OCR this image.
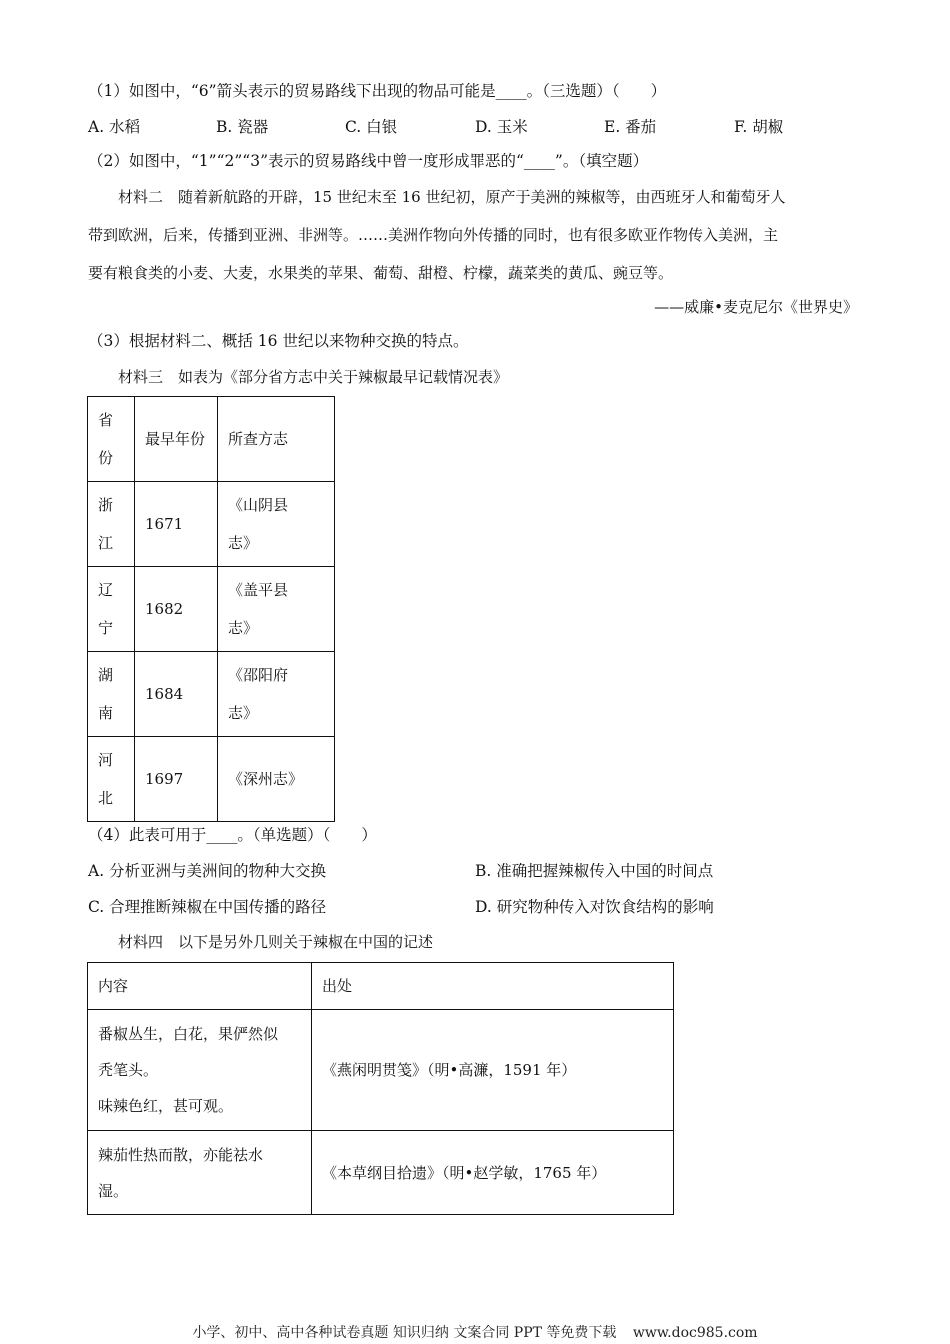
（1）如图中，“6”箭头表示的贸易路线下出现的物品可能是____。（三选题）（　　）
A. 水稻	B. 瓷器	C. 白银	D. 玉米	E. 番茄	F. 胡椒
（2）如图中，“1”“2”“3”表示的贸易路线中曾一度形成罪恶的“____”。（填空题）
材料二　随着新航路的开辟，15 世纪末至 16 世纪初，原产于美洲的辣椒等，由西班牙人和葡萄牙人
带到欧洲，后来，传播到亚洲、非洲等。……美洲作物向外传播的同时，也有很多欧亚作物传入美洲，主
要有粮食类的小麦、大麦，水果类的苹果、葡萄、甜橙、柠檬，蔬菜类的黄瓜、豌豆等。
——威廉•麦克尼尔《世界史》
（3）根据材料二、概括 16 世纪以来物种交换的特点。
材料三　如表为《部分省方志中关于辣椒最早记载情况表》
省份	最早年份	所查方志

浙江	1671	《山阴县志》

辽宁	1682	《盖平县志》

湖南	1684	《邵阳府志》

河北	1697	《深州志》
（4）此表可用于____。（单选题）（　　）
A. 分析亚洲与美洲间的物种大交换	B. 准确把握辣椒传入中国的时间点
C. 合理推断辣椒在中国传播的路径	D. 研究物种传入对饮食结构的影响
材料四　以下是另外几则关于辣椒在中国的记述
内容	出处

番椒丛生，白花，果俨然似
秃笔头。
味辣色红，甚可观。	《燕闲明贯笺》（明•高濂，1591 年）

辣茄性热而散，亦能祛水
湿。	《本草纲目拾遗》（明•赵学敏，1765 年）
小学、初中、高中各种试卷真题 知识归纳 文案合同 PPT 等免费下载 www.doc985.com
